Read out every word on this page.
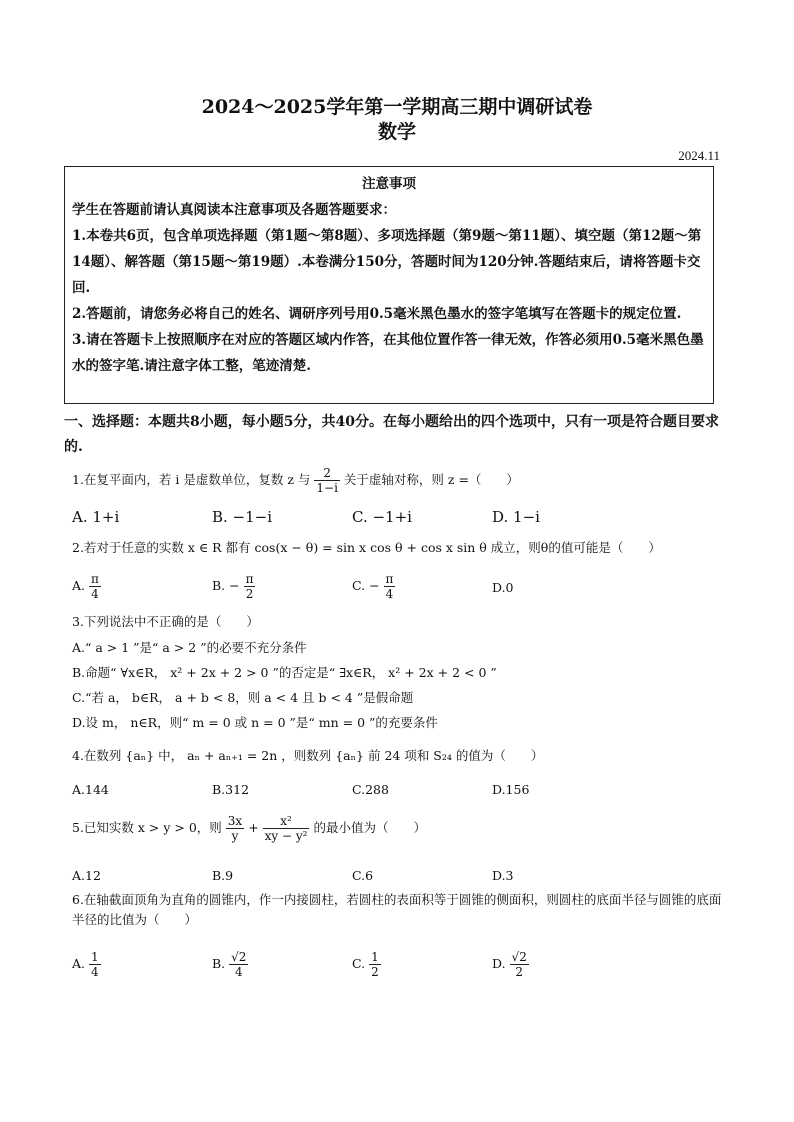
2024～2025学年第一学期高三期中调研试卷
数学
2024.11

注意事项

学生在答题前请认真阅读本注意事项及各题答题要求：

1.本卷共6页，包含单项选择题（第1题～第8题）、多项选择题（第9题～第11题）、填空题（第12题～第14题）、解答题（第15题～第19题）.本卷满分150分，答题时间为120分钟.答题结束后，请将答题卡交回.

2.答题前，请您务必将自己的姓名、调研序列号用0.5毫米黑色墨水的签字笔填写在答题卡的规定位置.

3.请在答题卡上按照顺序在对应的答题区域内作答，在其他位置作答一律无效，作答必须用0.5毫米黑色墨水的签字笔.请注意字体工整，笔迹清楚.

一、选择题：本题共8小题，每小题5分，共40分。在每小题给出的四个选项中，只有一项是符合题目要求的.
1.在复平面内，若 i 是虚数单位，复数 z 与 $\frac{2}{1-i}$ 关于虚轴对称，则 z =（　　）
A. 1+i	B. −1−i	C. −1+i	D. 1−i
2.若对于任意的实数 x ∈ R 都有 cos(x − θ) = sin x cos θ + cos x sin θ 成立，则θ的值可能是（　　）
A. $\frac{\pi}{4}$	B. − $\frac{\pi}{2}$	C. − $\frac{\pi}{4}$	D.0
3.下列说法中不正确的是（　　）
A.“ a > 1 ”是“ a > 2 ”的必要不充分条件
B.命题“ ∀x∈R， x² + 2x + 2 > 0 ”的否定是“ ∃x∈R， x² + 2x + 2 < 0 ”
C.“若 a， b∈R， a + b < 8，则 a < 4 且 b < 4 ”是假命题
D.设 m， n∈R，则“ m = 0 或 n = 0 ”是“ mn = 0 ”的充要条件
4.在数列 {aₙ} 中， aₙ + aₙ₊₁ = 2n ，则数列 {aₙ} 前 24 项和 S₂₄ 的值为（　　）
A.144	B.312	C.288	D.156
5.已知实数 x > y > 0，则 $\frac{3x}{y} + \frac{\text{x²}}{\text{xy − y²}}$ 的最小值为（　　）
A.12	B.9	C.6	D.3
6.在轴截面顶角为直角的圆锥内，作一内接圆柱，若圆柱的表面积等于圆锥的侧面积，则圆柱的底面半径与圆锥的底面半径的比值为（　　）
A. $\frac{1}{4}$	B. $\frac{√2}{4}$	C. $\frac{1}{2}$	D. $\frac{√2}{2}$
